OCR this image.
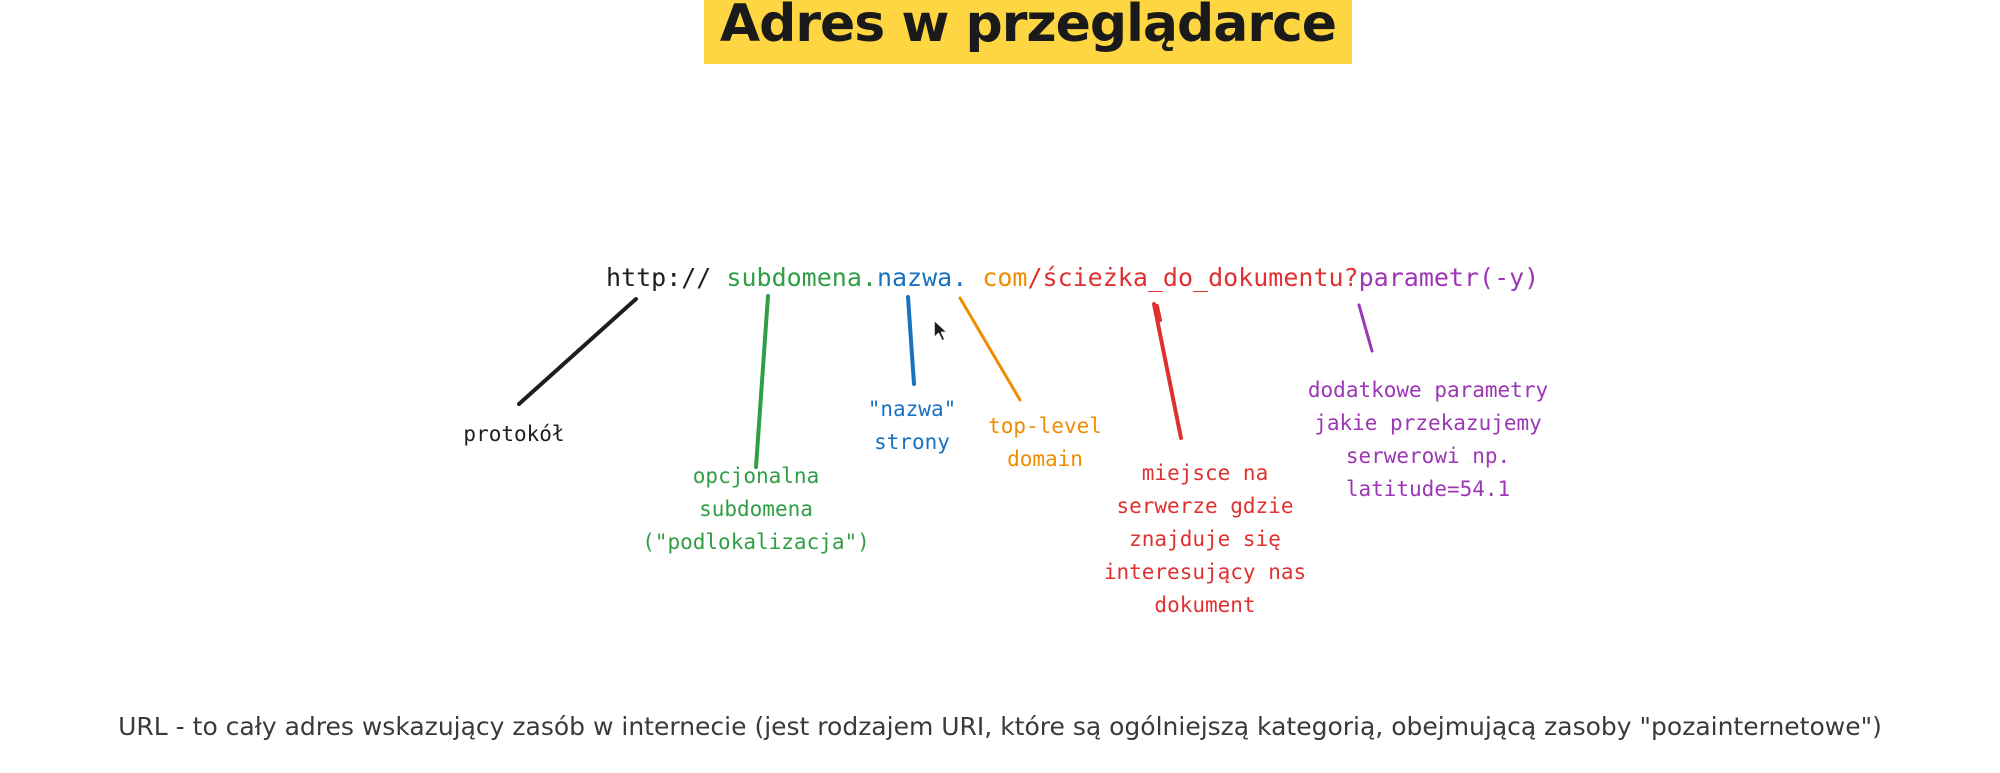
Adres w przeglądarce
http:// subdomena.nazwa. com/ścieżka_do_dokumentu?parametr(-y)
protokół
opcjonalna
subdomena
("podlokalizacja")
"nazwa"
strony
top-level
domain
miejsce na
serwerze gdzie
znajduje się
interesujący nas
dokument
dodatkowe parametry
jakie przekazujemy
serwerowi np.
latitude=54.1
URL - to cały adres wskazujący zasób w internecie (jest rodzajem URI, które są ogólniejszą kategorią, obejmującą zasoby "pozainternetowe")
